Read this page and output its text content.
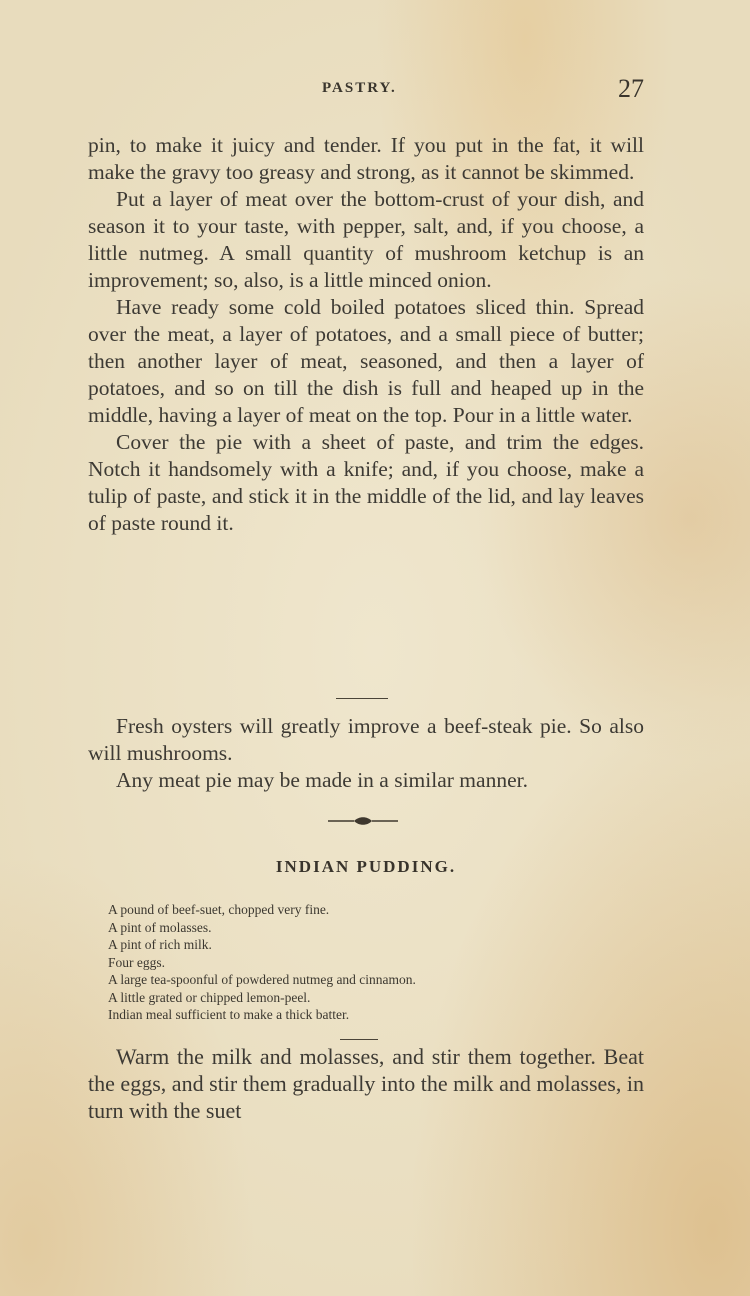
PASTRY.	27

pin, to make it juicy and tender. If you put in the fat, it will make the gravy too greasy and strong, as it cannot be skimmed.

Put a layer of meat over the bottom-crust of your dish, and season it to your taste, with pepper, salt, and, if you choose, a little nutmeg. A small quantity of mushroom ketchup is an improvement; so, also, is a little minced onion.

Have ready some cold boiled potatoes sliced thin. Spread over the meat, a layer of potatoes, and a small piece of butter; then another layer of meat, seasoned, and then a layer of potatoes, and so on till the dish is full and heaped up in the middle, having a layer of meat on the top. Pour in a little water.

Cover the pie with a sheet of paste, and trim the edges. Notch it handsomely with a knife; and, if you choose, make a tulip of paste, and stick it in the middle of the lid, and lay leaves of paste round it.

Fresh oysters will greatly improve a beef-steak pie. So also will mushrooms.

Any meat pie may be made in a similar manner.

INDIAN PUDDING.
A pound of beef-suet, chopped very fine.
A pint of molasses.
A pint of rich milk.
Four eggs.
A large tea-spoonful of powdered nutmeg and cinnamon.
A little grated or chipped lemon-peel.
Indian meal sufficient to make a thick batter.

Warm the milk and molasses, and stir them together. Beat the eggs, and stir them gradually into the milk and molasses, in turn with the suet
